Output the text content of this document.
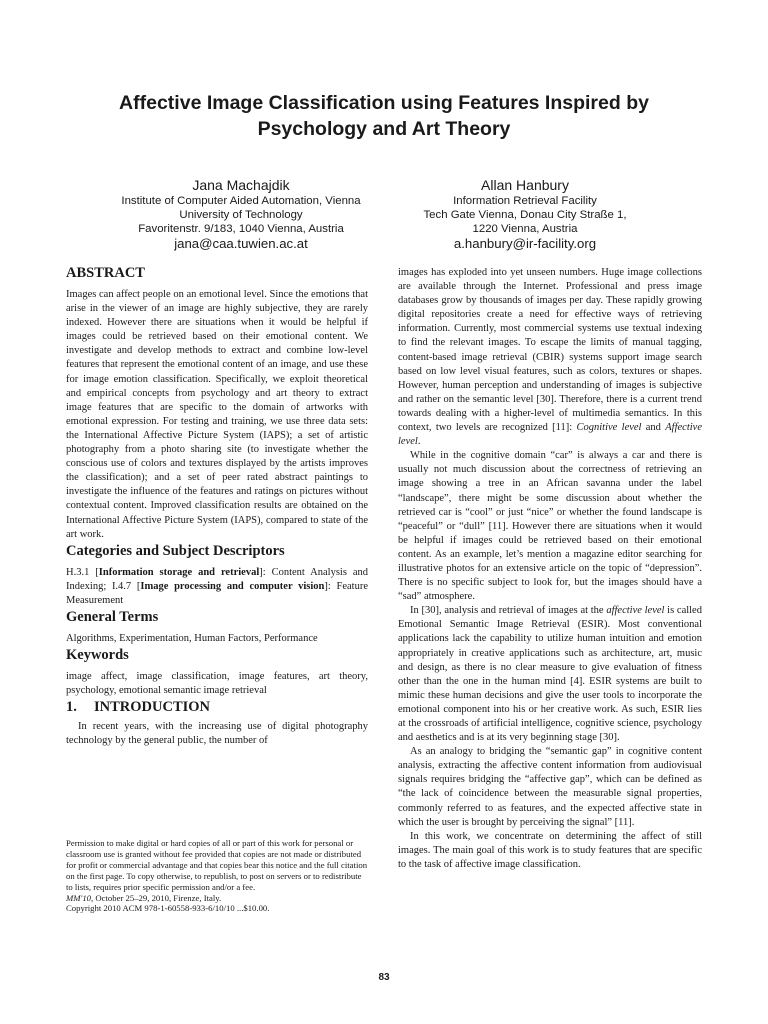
Affective Image Classification using Features Inspired by
Psychology and Art Theory
Jana Machajdik
Institute of Computer Aided Automation, Vienna
University of Technology
Favoritenstr. 9/183, 1040 Vienna, Austria
jana@caa.tuwien.ac.at
Allan Hanbury
Information Retrieval Facility
Tech Gate Vienna, Donau City Straße 1,
1220 Vienna, Austria
a.hanbury@ir-facility.org
ABSTRACT

Images can affect people on an emotional level. Since the emotions that arise in the viewer of an image are highly subjective, they are rarely indexed. However there are situations when it would be helpful if images could be retrieved based on their emotional content. We investigate and develop methods to extract and combine low-level features that represent the emotional content of an image, and use these for image emotion classification. Specifically, we exploit theoretical and empirical concepts from psychology and art theory to extract image features that are specific to the domain of artworks with emotional expression. For testing and training, we use three data sets: the International Affective Picture System (IAPS); a set of artistic photography from a photo sharing site (to investigate whether the conscious use of colors and textures displayed by the artists improves the classification); and a set of peer rated abstract paintings to investigate the influence of the features and ratings on pictures without contextual content. Improved classification results are obtained on the International Affective Picture System (IAPS), compared to state of the art work.

Categories and Subject Descriptors

H.3.1 [Information storage and retrieval]: Content Analysis and Indexing; I.4.7 [Image processing and computer vision]: Feature Measurement

General Terms

Algorithms, Experimentation, Human Factors, Performance

Keywords

image affect, image classification, image features, art theory, psychology, emotional semantic image retrieval

1.	INTRODUCTION

In recent years, with the increasing use of digital photography technology by the general public, the number of

Permission to make digital or hard copies of all or part of this work for personal or classroom use is granted without fee provided that copies are not made or distributed for profit or commercial advantage and that copies bear this notice and the full citation on the first page. To copy otherwise, to republish, to post on servers or to redistribute to lists, requires prior specific permission and/or a fee.
MM'10, October 25–29, 2010, Firenze, Italy.
Copyright 2010 ACM 978-1-60558-933-6/10/10 ...$10.00.

images has exploded into yet unseen numbers. Huge image collections are available through the Internet. Professional and press image databases grow by thousands of images per day. These rapidly growing digital repositories create a need for effective ways of retrieving information. Currently, most commercial systems use textual indexing to find the relevant images. To escape the limits of manual tagging, content-based image retrieval (CBIR) systems support image search based on low level visual features, such as colors, textures or shapes. However, human perception and understanding of images is subjective and rather on the semantic level [30]. Therefore, there is a current trend towards dealing with a higher-level of multimedia semantics. In this context, two levels are recognized [11]: Cognitive level and Affective level.

While in the cognitive domain “car” is always a car and there is usually not much discussion about the correctness of retrieving an image showing a tree in an African savanna under the label “landscape”, there might be some discussion about whether the retrieved car is “cool” or just “nice” or whether the found landscape is “peaceful” or “dull” [11]. However there are situations when it would be helpful if images could be retrieved based on their emotional content. As an example, let’s mention a magazine editor searching for illustrative photos for an extensive article on the topic of “depression”. There is no specific subject to look for, but the images should have a “sad” atmosphere.

In [30], analysis and retrieval of images at the affective level is called Emotional Semantic Image Retrieval (ESIR). Most conventional applications lack the capability to utilize human intuition and emotion appropriately in creative applications such as architecture, art, music and design, as there is no clear measure to give evaluation of fitness other than the one in the human mind [4]. ESIR systems are built to mimic these human decisions and give the user tools to incorporate the emotional component into his or her creative work. As such, ESIR lies at the crossroads of artificial intelligence, cognitive science, psychology and aesthetics and is at its very beginning stage [30].

As an analogy to bridging the “semantic gap” in cognitive content analysis, extracting the affective content information from audiovisual signals requires bridging the “affective gap”, which can be defined as “the lack of coincidence between the measurable signal properties, commonly referred to as features, and the expected affective state in which the user is brought by perceiving the signal” [11].

In this work, we concentrate on determining the affect of still images. The main goal of this work is to study features that are specific to the task of affective image classification.

83
